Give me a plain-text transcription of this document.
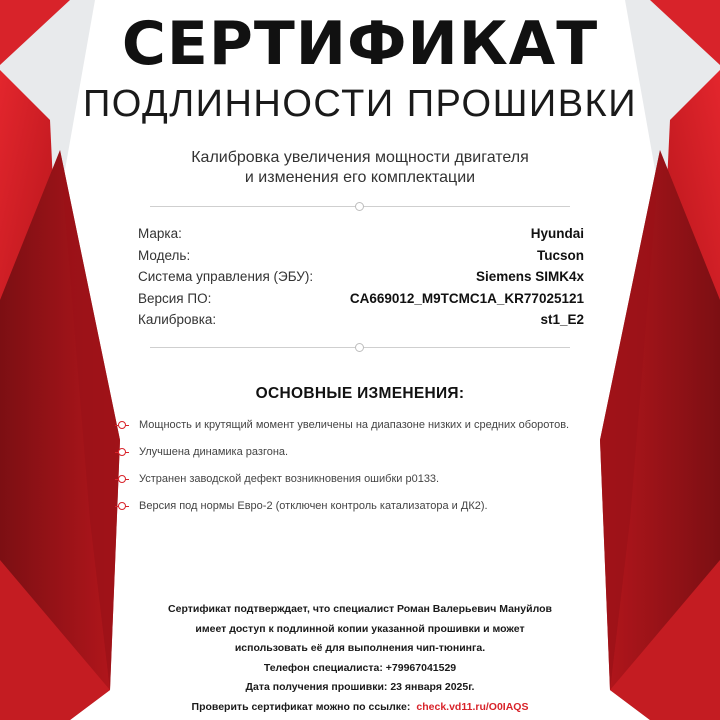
СЕРТИФИКАТ
ПОДЛИННОСТИ ПРОШИВКИ
Калибровка увеличения мощности двигателя
и изменения его комплектации
Марка:	Hyundai
Модель:	Tucson
Система управления (ЭБУ):	Siemens SIMK4x
Версия ПО:	CA669012_M9TCMC1A_KR77025121
Калибровка:	st1_E2
ОСНОВНЫЕ ИЗМЕНЕНИЯ:
Мощность и крутящий момент увеличены на диапазоне низких и средних оборотов.
Улучшена динамика разгона.
Устранен заводской дефект возникновения ошибки р0133.
Версия под нормы Евро-2 (отключен контроль катализатора и ДК2).
Сертификат подтверждает, что специалист Роман Валерьевич Мануйлов
имеет доступ к подлинной копии указанной прошивки и может
использовать её для выполнения чип-тюнинга.
Телефон специалиста: +79967041529
Дата получения прошивки: 23 января 2025г.
Проверить сертификат можно по ссылке: check.vd11.ru/O0IAQS
